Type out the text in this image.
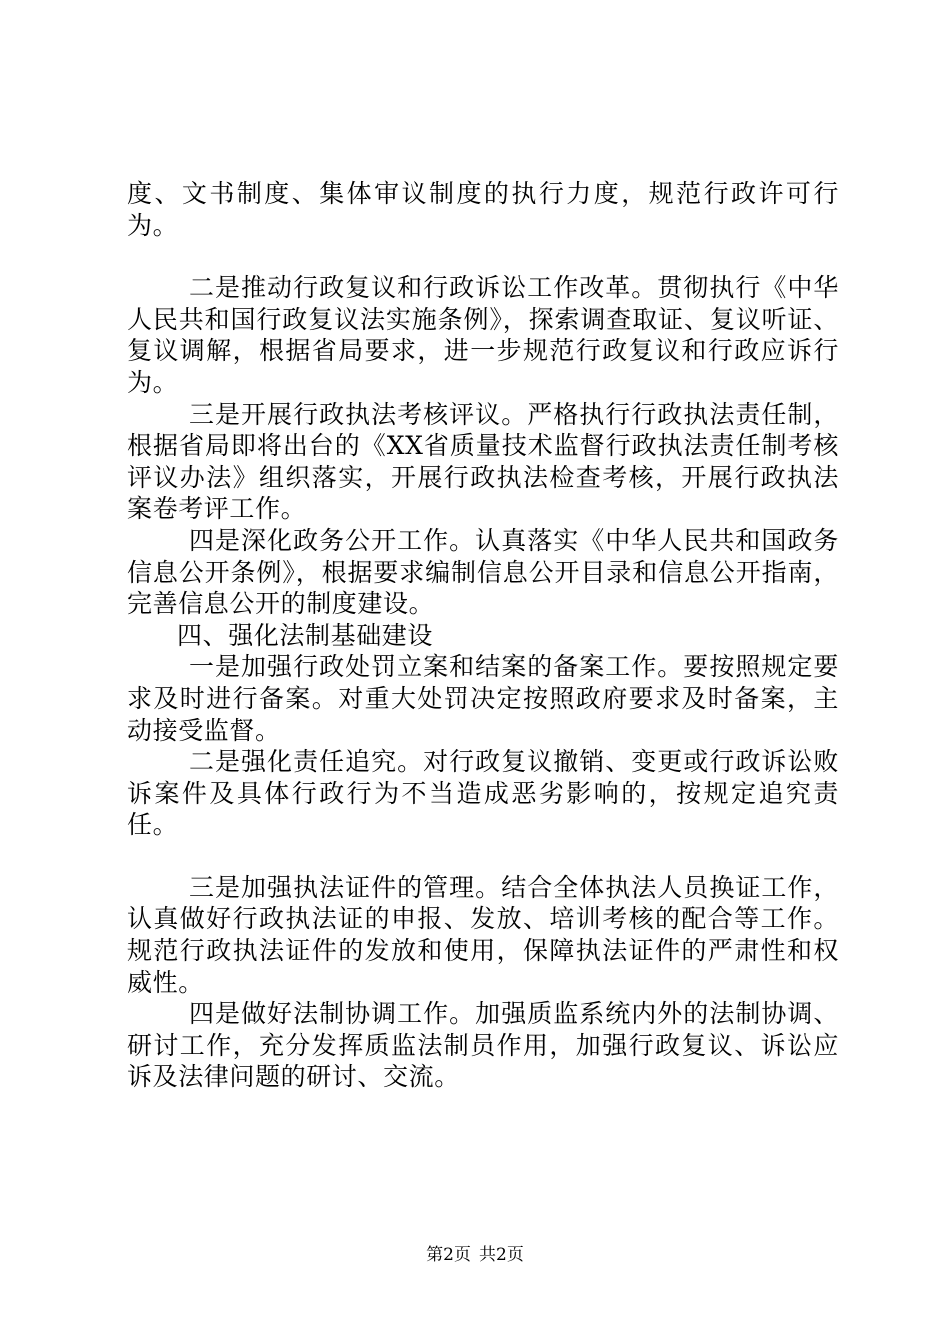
度、文书制度、集体审议制度的执行力度，规范行政许可行为。

二是推动行政复议和行政诉讼工作改革。贯彻执行《中华人民共和国行政复议法实施条例》，探索调查取证、复议听证、复议调解，根据省局要求，进一步规范行政复议和行政应诉行为。

三是开展行政执法考核评议。严格执行行政执法责任制，根据省局即将出台的《XX省质量技术监督行政执法责任制考核评议办法》组织落实，开展行政执法检查考核，开展行政执法案卷考评工作。

四是深化政务公开工作。认真落实《中华人民共和国政务信息公开条例》，根据要求编制信息公开目录和信息公开指南，完善信息公开的制度建设。

四、强化法制基础建设

一是加强行政处罚立案和结案的备案工作。要按照规定要求及时进行备案。对重大处罚决定按照政府要求及时备案，主动接受监督。

二是强化责任追究。对行政复议撤销、变更或行政诉讼败诉案件及具体行政行为不当造成恶劣影响的，按规定追究责任。

三是加强执法证件的管理。结合全体执法人员换证工作，认真做好行政执法证的申报、发放、培训考核的配合等工作。规范行政执法证件的发放和使用，保障执法证件的严肃性和权威性。

四是做好法制协调工作。加强质监系统内外的法制协调、研讨工作，充分发挥质监法制员作用，加强行政复议、诉讼应诉及法律问题的研讨、交流。

第2页 共2页
